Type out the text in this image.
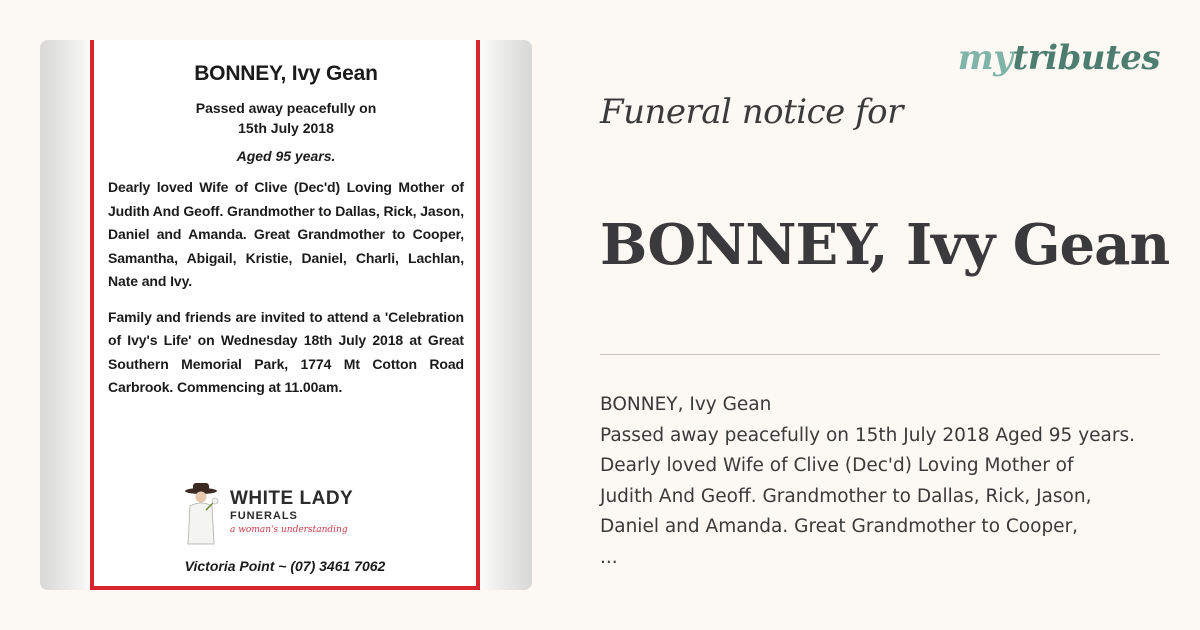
BONNEY, Ivy Gean
Passed away peacefully on
15th July 2018
Aged 95 years.
Dearly loved Wife of Clive (Dec'd) Loving Mother of Judith And Geoff. Grandmother to Dallas, Rick, Jason, Daniel and Amanda. Great Grandmother to Cooper, Samantha, Abigail, Kristie, Daniel, Charli, Lachlan, Nate and Ivy.
Family and friends are invited to attend a 'Celebration of Ivy's Life' on Wednesday 18th July 2018 at Great Southern Memorial Park, 1774 Mt Cotton Road Carbrook. Commencing at 11.00am.
WHITE LADY
FUNERALS
a woman's understanding
Victoria Point ~ (07) 3461 7062
mytributes
Funeral notice for
BONNEY, Ivy Gean
BONNEY, Ivy Gean
Passed away peacefully on 15th July 2018 Aged 95 years.
Dearly loved Wife of Clive (Dec'd) Loving Mother of
Judith And Geoff. Grandmother to Dallas, Rick, Jason,
Daniel and Amanda. Great Grandmother to Cooper,
...
